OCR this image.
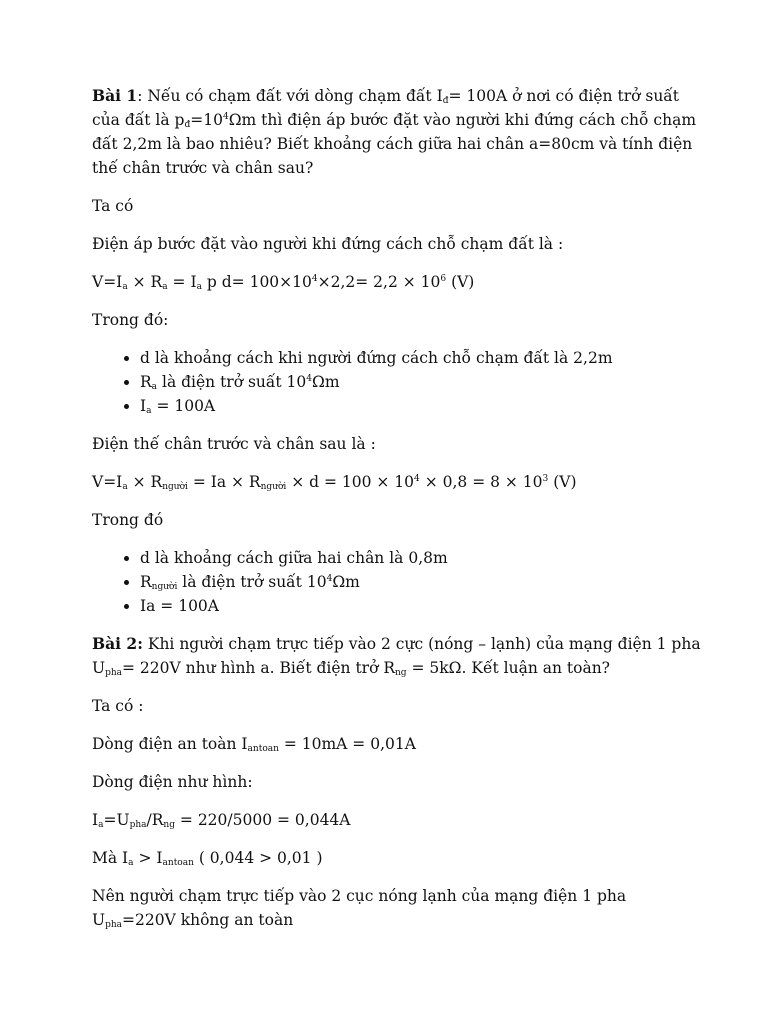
Bài 1: Nếu có chạm đất với dòng chạm đất $I_đ= 100A$ ở nơi có điện trở suất của đất là $p_đ=10^4\Omega m$ thì điện áp bước đặt vào người khi đứng cách chỗ chạm đất 2,2m là bao nhiêu? Biết khoảng cách giữa hai chân a=80cm và tính điện thế chân trước và chân sau?

Ta có

Điện áp bước đặt vào người khi đứng cách chỗ chạm đất là :

$V=I_a \times R_a = I_a$ p $d= 100\times 10^4\times 2,2= 2,2 \times 10^6$ (V)

Trong đó:

• d là khoảng cách khi người đứng cách chỗ chạm đất là 2,2m
• $R_a$ là điện trở suất $10^4\Omega m$
• $I_a = 100A$

Điện thế chân trước và chân sau là :

$V=I_a \times R_{người} = Ia \times R_{người} \times d = 100 \times 10^4 \times 0,8 = 8 \times 10^3$ (V)

Trong đó

• d là khoảng cách giữa hai chân là 0,8m
• $R_{người}$ là điện trở suất $10^4\Omega m$
• Ia = 100A

Bài 2: Khi người chạm trực tiếp vào 2 cực (nóng – lạnh) của mạng điện 1 pha $U_{pha}= 220V$ như hình a. Biết điện trở $R_{ng} = 5k\Omega$. Kết luận an toàn?

Ta có :

Dòng điện an toàn $I_{antoan} = 10mA = 0,01A$

Dòng điện như hình:

$I_a=U_{pha}/R_{ng} = 220/5000 = 0,044A$

Mà $I_a > I_{antoan}$ ( 0,044 > 0,01 )

Nên người chạm trực tiếp vào 2 cục nóng lạnh của mạng điện 1 pha $U_{pha}=220V$ không an toàn
